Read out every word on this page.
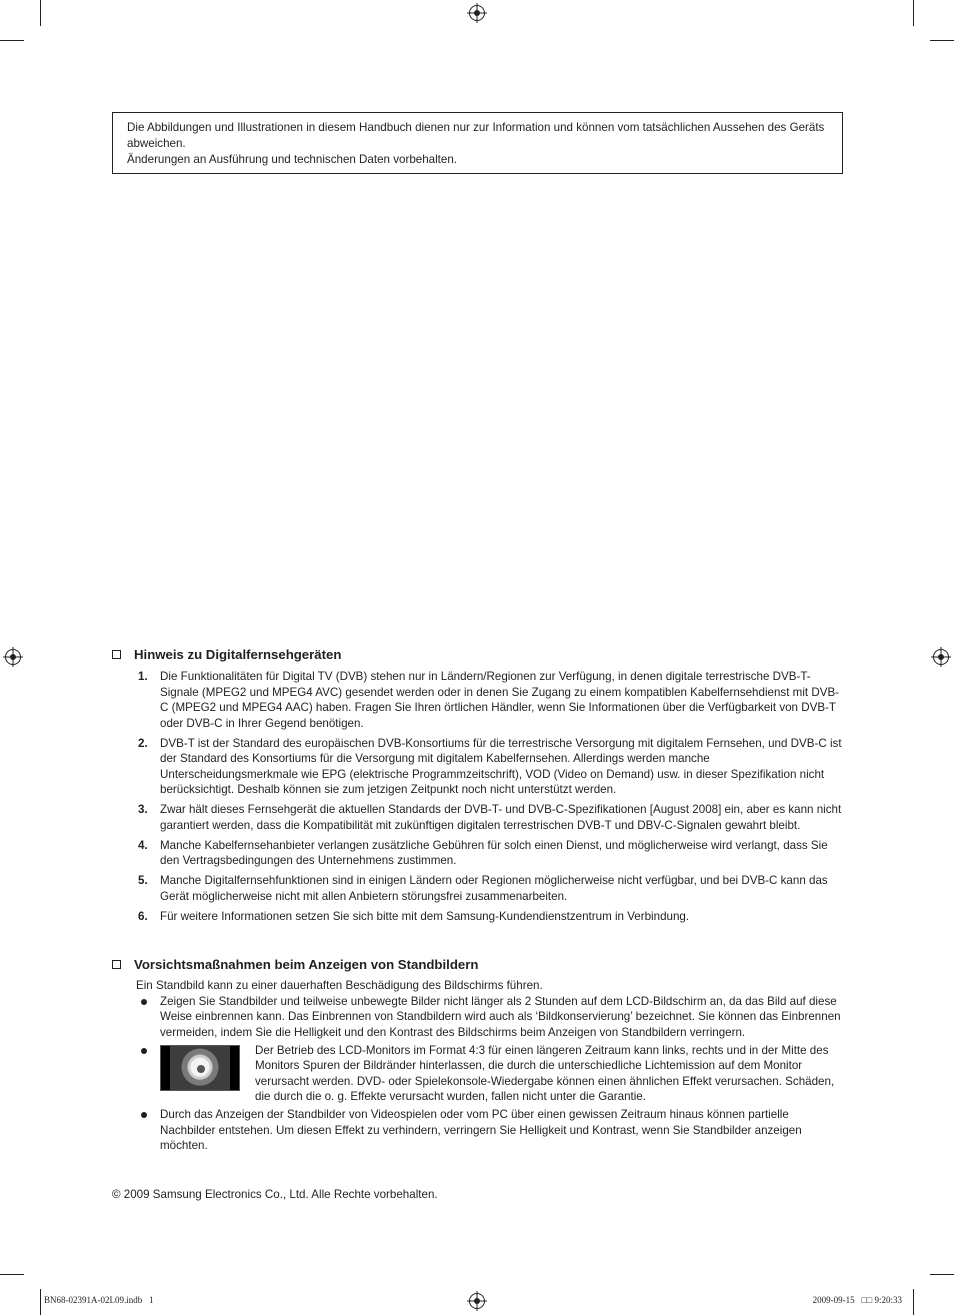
Die Abbildungen und Illustrationen in diesem Handbuch dienen nur zur Information und können vom tatsächlichen Aussehen des Geräts abweichen.

Änderungen an Ausführung und technischen Daten vorbehalten.

Hinweis zu Digitalfernsehgeräten
1. Die Funktionalitäten für Digital TV (DVB) stehen nur in Ländern/Regionen zur Verfügung, in denen digitale terrestrische DVB-T-Signale (MPEG2 und MPEG4 AVC) gesendet werden oder in denen Sie Zugang zu einem kompatiblen Kabelfernsehdienst mit DVB-C (MPEG2 und MPEG4 AAC) haben. Fragen Sie Ihren örtlichen Händler, wenn Sie Informationen über die Verfügbarkeit von DVB-T oder DVB-C in Ihrer Gegend benötigen.
2. DVB-T ist der Standard des europäischen DVB-Konsortiums für die terrestrische Versorgung mit digitalem Fernsehen, und DVB-C ist der Standard des Konsortiums für die Versorgung mit digitalem Kabelfernsehen. Allerdings werden manche Unterscheidungsmerkmale wie EPG (elektrische Programmzeitschrift), VOD (Video on Demand) usw. in dieser Spezifikation nicht berücksichtigt. Deshalb können sie zum jetzigen Zeitpunkt noch nicht unterstützt werden.
3. Zwar hält dieses Fernsehgerät die aktuellen Standards der DVB-T- und DVB-C-Spezifikationen [August 2008] ein, aber es kann nicht garantiert werden, dass die Kompatibilität mit zukünftigen digitalen terrestrischen DVB-T und DBV-C-Signalen gewahrt bleibt.
4. Manche Kabelfernsehanbieter verlangen zusätzliche Gebühren für solch einen Dienst, und möglicherweise wird verlangt, dass Sie den Vertragsbedingungen des Unternehmens zustimmen.
5. Manche Digitalfernsehfunktionen sind in einigen Ländern oder Regionen möglicherweise nicht verfügbar, und bei DVB-C kann das Gerät möglicherweise nicht mit allen Anbietern störungsfrei zusammenarbeiten.
6. Für weitere Informationen setzen Sie sich bitte mit dem Samsung-Kundendienstzentrum in Verbindung.
Vorsichtsmaßnahmen beim Anzeigen von Standbildern
Ein Standbild kann zu einer dauerhaften Beschädigung des Bildschirms führen.
Zeigen Sie Standbilder und teilweise unbewegte Bilder nicht länger als 2 Stunden auf dem LCD-Bildschirm an, da das Bild auf diese Weise einbrennen kann. Das Einbrennen von Standbildern wird auch als ‘Bildkonservierung’ bezeichnet. Sie können das Einbrennen vermeiden, indem Sie die Helligkeit und den Kontrast des Bildschirms beim Anzeigen von Standbildern verringern.
Der Betrieb des LCD-Monitors im Format 4:3 für einen längeren Zeitraum kann links, rechts und in der Mitte des Monitors Spuren der Bildränder hinterlassen, die durch die unterschiedliche Lichtemission auf dem Monitor verursacht werden. DVD- oder Spielekonsole-Wiedergabe können einen ähnlichen Effekt verursachen. Schäden, die durch die o. g. Effekte verursacht wurden, fallen nicht unter die Garantie.
Durch das Anzeigen der Standbilder von Videospielen oder vom PC über einen gewissen Zeitraum hinaus können partielle Nachbilder entstehen. Um diesen Effekt zu verhindern, verringern Sie Helligkeit und Kontrast, wenn Sie Standbilder anzeigen möchten.
© 2009 Samsung Electronics Co., Ltd. Alle Rechte vorbehalten.
BN68-02391A-02L09.indb   1	2009-09-15   □□ 9:20:33
